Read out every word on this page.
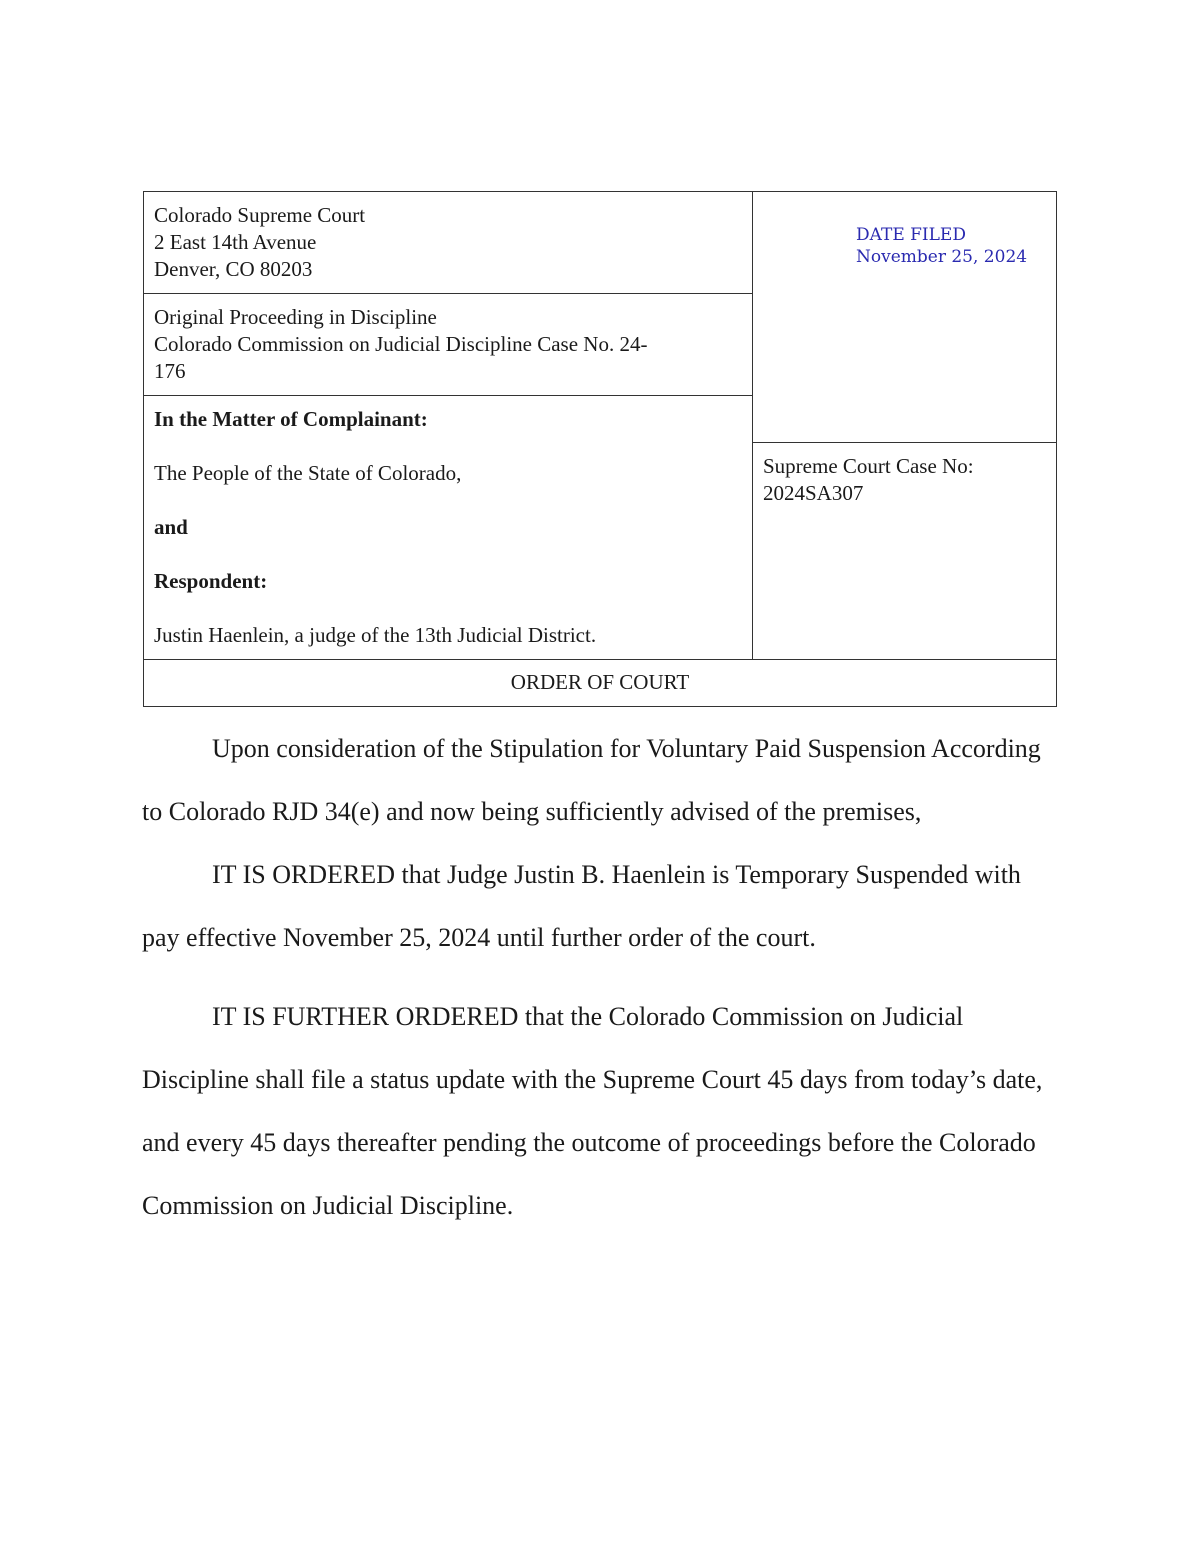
Colorado Supreme Court
2 East 14th Avenue
Denver, CO 80203
Original Proceeding in Discipline
Colorado Commission on Judicial Discipline Case No. 24-
176
In the Matter of Complainant:
The People of the State of Colorado,
and
Respondent:
Justin Haenlein, a judge of the 13th Judicial District.
DATE FILED
November 25, 2024
Supreme Court Case No:
2024SA307
ORDER OF COURT

Upon consideration of the Stipulation for Voluntary Paid Suspension According to Colorado RJD 34(e) and now being sufficiently advised of the premises,

IT IS ORDERED that Judge Justin B. Haenlein is Temporary Suspended with pay effective November 25, 2024 until further order of the court.

IT IS FURTHER ORDERED that the Colorado Commission on Judicial Discipline shall file a status update with the Supreme Court 45 days from today’s date, and every 45 days thereafter pending the outcome of proceedings before the Colorado Commission on Judicial Discipline.
